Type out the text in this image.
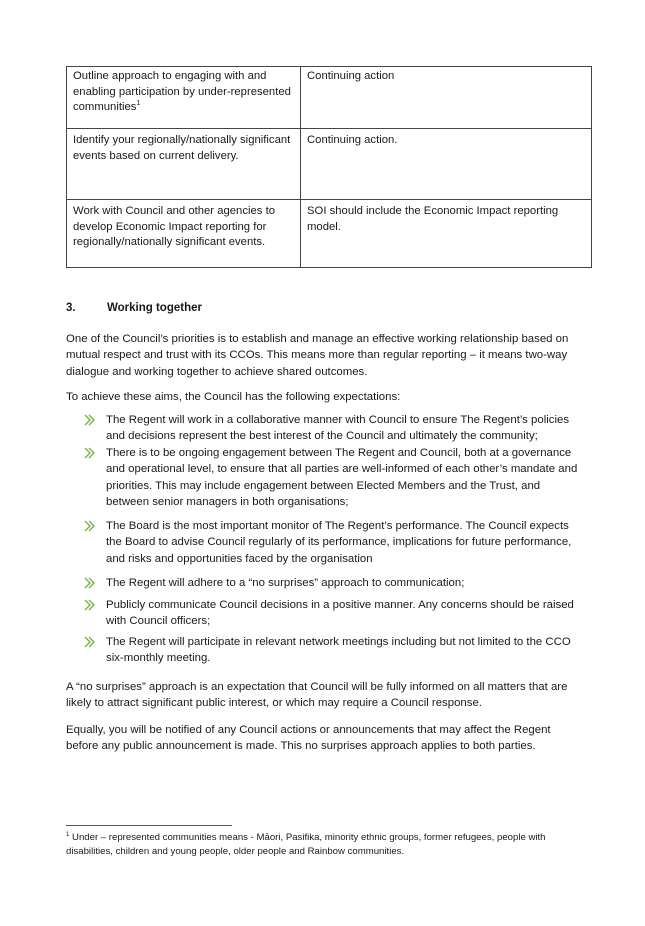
Outline approach to engaging with and enabling participation by under-represented communities$^1$	Continuing action
Identify your regionally/nationally significant events based on current delivery.	Continuing action.
Work with Council and other agencies to develop Economic Impact reporting for regionally/nationally significant events.	SOI should include the Economic Impact reporting model.
3.	Working together
One of the Council’s priorities is to establish and manage an effective working relationship based on mutual respect and trust with its CCOs. This means more than regular reporting – it means two-way dialogue and working together to achieve shared outcomes.
To achieve these aims, the Council has the following expectations:
The Regent will work in a collaborative manner with Council to ensure The Regent’s policies and decisions represent the best interest of the Council and ultimately the community;
There is to be ongoing engagement between The Regent and Council, both at a governance and operational level, to ensure that all parties are well-informed of each other’s mandate and priorities. This may include engagement between Elected Members and the Trust, and between senior managers in both organisations;
The Board is the most important monitor of The Regent’s performance. The Council expects the Board to advise Council regularly of its performance, implications for future performance, and risks and opportunities faced by the organisation
The Regent will adhere to a “no surprises” approach to communication;
Publicly communicate Council decisions in a positive manner. Any concerns should be raised with Council officers;
The Regent will participate in relevant network meetings including but not limited to the CCO six-monthly meeting.
A “no surprises” approach is an expectation that Council will be fully informed on all matters that are likely to attract significant public interest, or which may require a Council response.
Equally, you will be notified of any Council actions or announcements that may affect the Regent before any public announcement is made. This no surprises approach applies to both parties.
$^1$ Under – represented communities means - Māori, Pasifika, minority ethnic groups, former refugees, people with disabilities, children and young people, older people and Rainbow communities.
